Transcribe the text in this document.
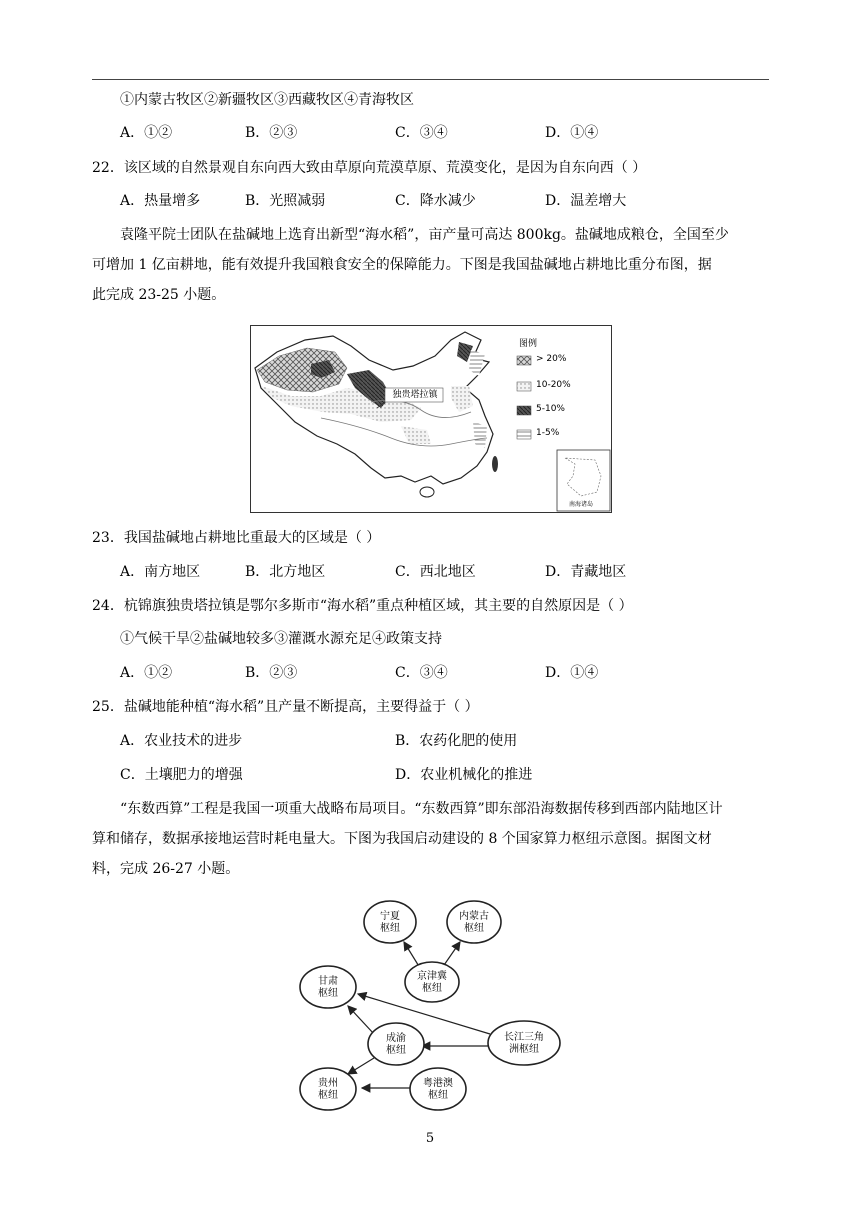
①内蒙古牧区②新疆牧区③西藏牧区④青海牧区
A．①②	B．②③	C．③④	D．①④
22．该区域的自然景观自东向西大致由草原向荒漠草原、荒漠变化，是因为自东向西（ ）
A．热量增多	B．光照减弱	C．降水减少	D．温差增大
袁隆平院士团队在盐碱地上选育出新型“海水稻”，亩产量可高达 800kg。盐碱地成粮仓，全国至少
可增加 1 亿亩耕地，能有效提升我国粮食安全的保障能力。下图是我国盐碱地占耕地比重分布图，据
此完成 23-25 小题。
独贵塔拉镇
图例
> 20%
10-20%
5-10%
1-5%
南海诸岛
23．我国盐碱地占耕地比重最大的区域是（ ）
A．南方地区	B．北方地区	C．西北地区	D．青藏地区
24．杭锦旗独贵塔拉镇是鄂尔多斯市“海水稻”重点种植区域，其主要的自然原因是（ ）
①气候干旱②盐碱地较多③灌溉水源充足④政策支持
A．①②	B．②③	C．③④	D．①④
25．盐碱地能种植“海水稻”且产量不断提高，主要得益于（ ）
A．农业技术的进步	B．农药化肥的使用
C．土壤肥力的增强	D．农业机械化的推进
“东数西算”工程是我国一项重大战略布局项目。“东数西算”即东部沿海数据传移到西部内陆地区计
算和储存，数据承接地运营时耗电量大。下图为我国启动建设的 8 个国家算力枢纽示意图。据图文材
料，完成 26-27 小题。
宁夏
枢纽
内蒙古
枢纽
京津冀
枢纽
甘肃
枢纽
成渝
枢纽
长江三角
洲枢纽
贵州
枢纽
粤港澳
枢纽
5
